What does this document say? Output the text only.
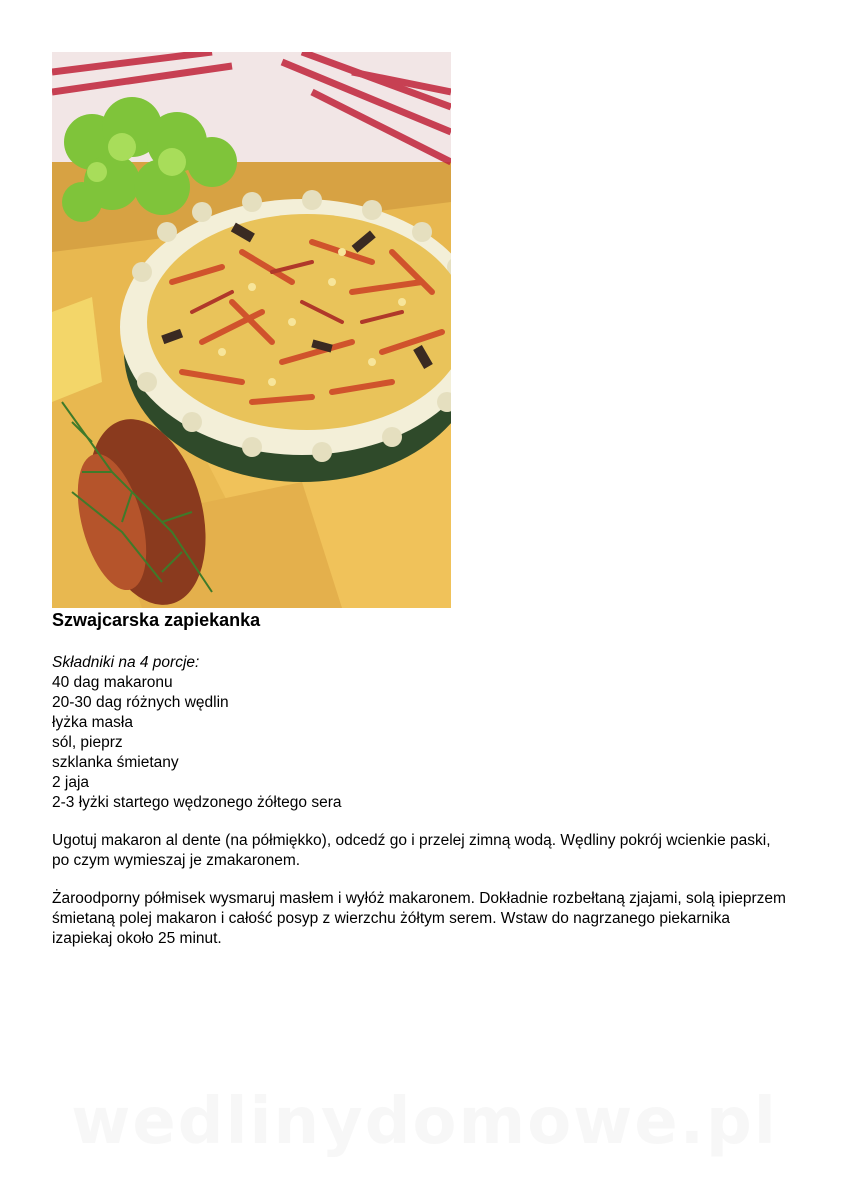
Szwajcarska zapiekanka
Składniki na 4 porcje:
40 dag makaronu
20-30 dag różnych wędlin
łyżka masła
sól, pieprz
szklanka śmietany
2 jaja
2-3 łyżki startego wędzonego żółtego sera
Ugotuj makaron al dente (na półmiękko), odcedź go i przelej zimną wodą. Wędliny pokrój wcienkie paski, po czym wymieszaj je zmakaronem.
Żaroodporny półmisek wysmaruj masłem i wyłóż makaronem. Dokładnie rozbełtaną zjajami, solą ipieprzem śmietaną polej makaron i całość posyp z wierzchu żółtym serem. Wstaw do nagrzanego piekarnika izapiekaj około 25 minut.
wedlinydomowe.pl
